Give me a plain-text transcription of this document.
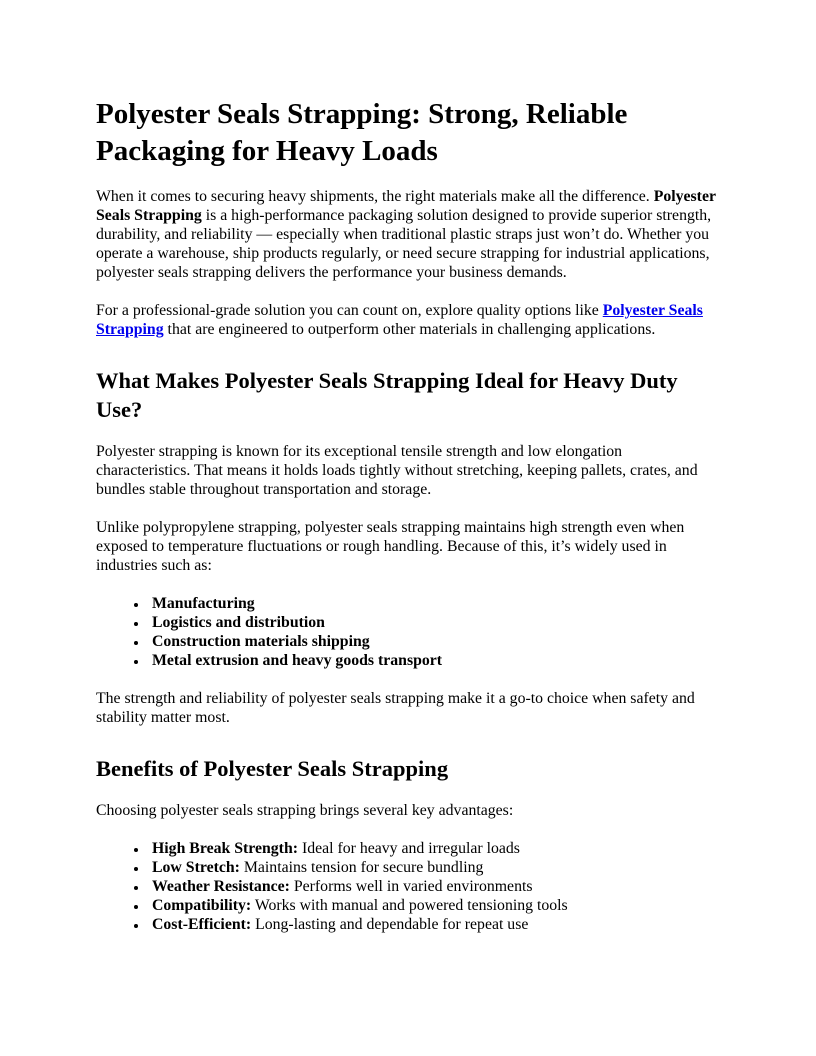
Polyester Seals Strapping: Strong, Reliable Packaging for Heavy Loads

When it comes to securing heavy shipments, the right materials make all the difference. Polyester Seals Strapping is a high-performance packaging solution designed to provide superior strength, durability, and reliability — especially when traditional plastic straps just won’t do. Whether you operate a warehouse, ship products regularly, or need secure strapping for industrial applications, polyester seals strapping delivers the performance your business demands.

For a professional-grade solution you can count on, explore quality options like Polyester Seals Strapping that are engineered to outperform other materials in challenging applications.

What Makes Polyester Seals Strapping Ideal for Heavy Duty Use?

Polyester strapping is known for its exceptional tensile strength and low elongation characteristics. That means it holds loads tightly without stretching, keeping pallets, crates, and bundles stable throughout transportation and storage.

Unlike polypropylene strapping, polyester seals strapping maintains high strength even when exposed to temperature fluctuations or rough handling. Because of this, it’s widely used in industries such as:

• Manufacturing
• Logistics and distribution
• Construction materials shipping
• Metal extrusion and heavy goods transport

The strength and reliability of polyester seals strapping make it a go-to choice when safety and stability matter most.

Benefits of Polyester Seals Strapping

Choosing polyester seals strapping brings several key advantages:

• High Break Strength: Ideal for heavy and irregular loads
• Low Stretch: Maintains tension for secure bundling
• Weather Resistance: Performs well in varied environments
• Compatibility: Works with manual and powered tensioning tools
• Cost-Efficient: Long-lasting and dependable for repeat use
